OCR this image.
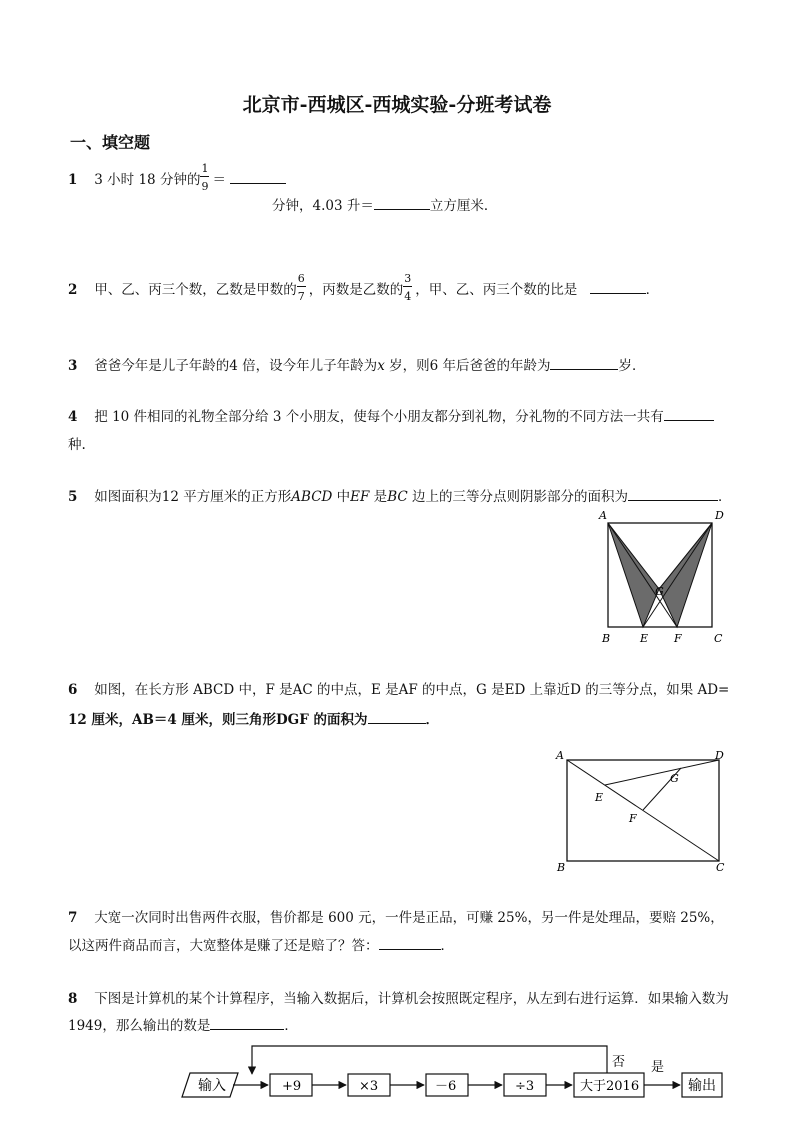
北京市-西城区-西城实验-分班考试卷
一、填空题
1 3 小时 18 分钟的 $\frac{1}{9}$ ＝
分钟，4.03 升＝	立方厘米．
2 甲、乙、丙三个数，乙数是甲数的 $\frac{6}{7}$ ，丙数是乙数的 $\frac{3}{4}$ ，甲、乙、丙三个数的比是	．
3 爸爸今年是儿子年龄的4 倍，设今年儿子年龄为x 岁，则6 年后爸爸的年龄为	岁．
4 把 10 件相同的礼物全部分给 3 个小朋友，使每个小朋友都分到礼物，分礼物的不同方法一共有
种.
5 如图面积为12 平方厘米的正方形ABCD 中EF 是BC 边上的三等分点则阴影部分的面积为	．
A	D
B	E F	C
G
6 如图，在长方形 ABCD 中，F 是AC 的中点，E 是AF 的中点，G 是ED 上靠近D 的三等分点，如果 AD=
12 厘米，AB＝4 厘米，则三角形DGF 的面积为	．
A	D
B	C
E
F
G
7 大宽一次同时出售两件衣服，售价都是 600 元，一件是正品，可赚 25%，另一件是处理品，要赔 25%，
以这两件商品而言，大宽整体是赚了还是赔了？答：	．
8 下图是计算机的某个计算程序，当输入数据后，计算机会按照既定程序，从左到右进行运算．如果输入数为
1949，那么输出的数是	．
输入	+9	×3	－6	÷3	大于2016
否 是
输出
